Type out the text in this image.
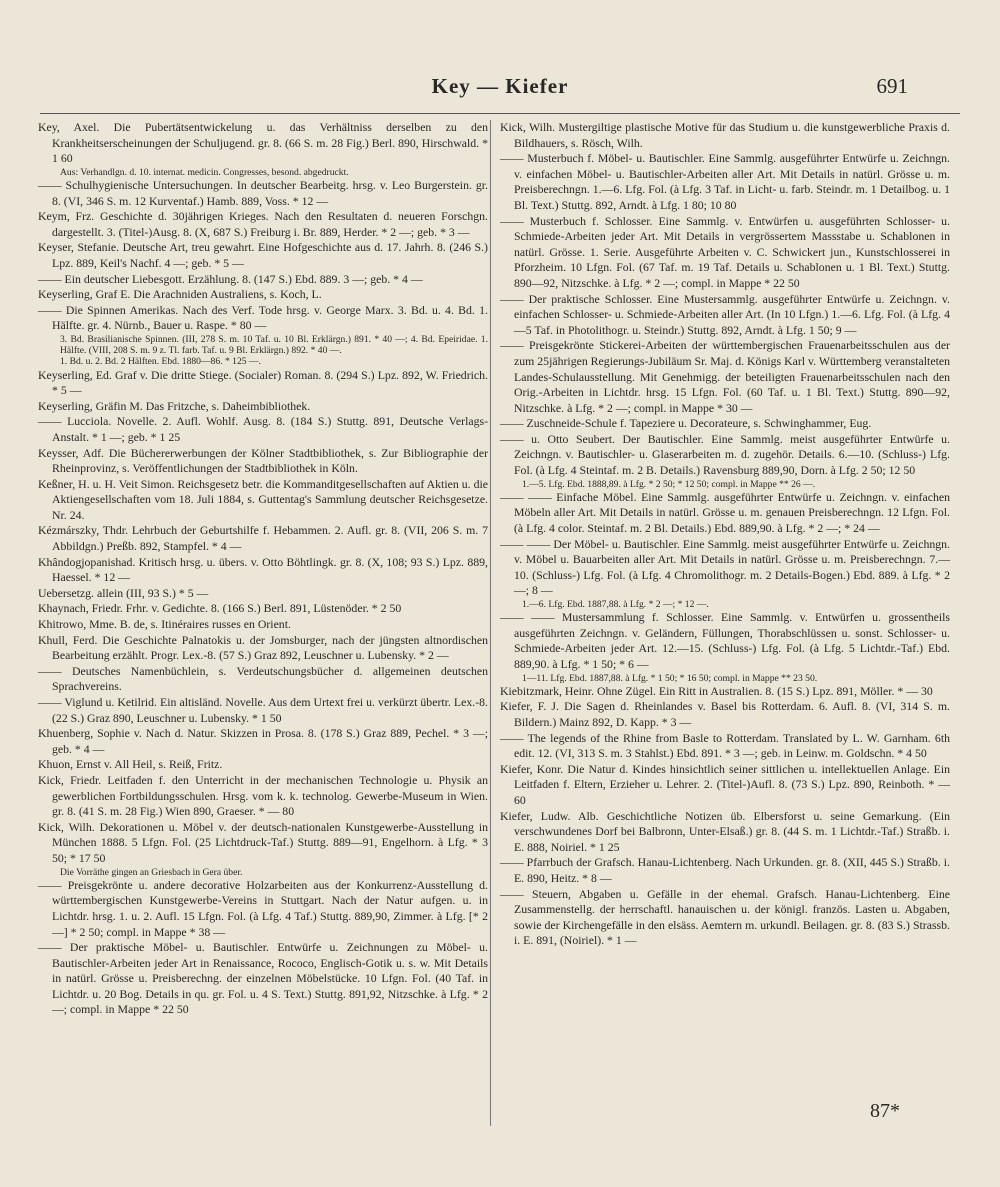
Key — Kiefer	691
Key, Axel. Die Pubertätsentwickelung u. das Verhältniss derselben zu den Krankheitserscheinungen der Schuljugend. gr. 8. (66 S. m. 28 Fig.) Berl. 890, Hirschwald. * 1 60
Aus: Verhandlgn. d. 10. internat. medicin. Congresses, besond. abgedruckt.
—— Schulhygienische Untersuchungen. In deutscher Bearbeitg. hrsg. v. Leo Burgerstein. gr. 8. (VI, 346 S. m. 12 Kurventaf.) Hamb. 889, Voss. * 12 —
Keym, Frz. Geschichte d. 30jährigen Krieges. Nach den Resultaten d. neueren Forschgn. dargestellt. 3. (Titel-)Ausg. 8. (X, 687 S.) Freiburg i. Br. 889, Herder. * 2 —; geb. * 3 —
Keyser, Stefanie. Deutsche Art, treu gewahrt. Eine Hofgeschichte aus d. 17. Jahrh. 8. (246 S.) Lpz. 889, Keil's Nachf. 4 —; geb. * 5 —
—— Ein deutscher Liebesgott. Erzählung. 8. (147 S.) Ebd. 889. 3 —; geb. * 4 —
Keyserling, Graf E. Die Arachniden Australiens, s. Koch, L.
—— Die Spinnen Amerikas. Nach des Verf. Tode hrsg. v. George Marx. 3. Bd. u. 4. Bd. 1. Hälfte. gr. 4. Nürnb., Bauer u. Raspe. * 80 —
3. Bd. Brasilianische Spinnen. (III, 278 S. m. 10 Taf. u. 10 Bl. Erklärgn.) 891. * 40 —; 4. Bd. Epeiridae. 1. Hälfte. (VIII, 208 S. m. 9 z. Tl. farb. Taf. u. 9 Bl. Erklärgn.) 892. * 40 —.
1. Bd. u. 2. Bd. 2 Hälften. Ebd. 1880—86. * 125 —.
Keyserling, Ed. Graf v. Die dritte Stiege. (Socialer) Roman. 8. (294 S.) Lpz. 892, W. Friedrich. * 5 —
Keyserling, Gräfin M. Das Fritzche, s. Daheimbibliothek.
—— Lucciola. Novelle. 2. Aufl. Wohlf. Ausg. 8. (184 S.) Stuttg. 891, Deutsche Verlags-Anstalt. * 1 —; geb. * 1 25
Keysser, Adf. Die Büchererwerbungen der Kölner Stadtbibliothek, s. Zur Bibliographie der Rheinprovinz, s. Veröffentlichungen der Stadtbibliothek in Köln.
Keßner, H. u. H. Veit Simon. Reichsgesetz betr. die Kommanditgesellschaften auf Aktien u. die Aktiengesellschaften vom 18. Juli 1884, s. Guttentag's Sammlung deutscher Reichsgesetze. Nr. 24.
Kézmárszky, Thdr. Lehrbuch der Geburtshilfe f. Hebammen. 2. Aufl. gr. 8. (VII, 206 S. m. 7 Abbildgn.) Preßb. 892, Stampfel. * 4 —
Khândogjopanishad. Kritisch hrsg. u. übers. v. Otto Böhtlingk. gr. 8. (X, 108; 93 S.) Lpz. 889, Haessel. * 12 —
Uebersetzg. allein (III, 93 S.) * 5 —
Khaynach, Friedr. Frhr. v. Gedichte. 8. (166 S.) Berl. 891, Lüstenöder. * 2 50
Khitrowo, Mme. B. de, s. Itinéraires russes en Orient.
Khull, Ferd. Die Geschichte Palnatokis u. der Jomsburger, nach der jüngsten altnordischen Bearbeitung erzählt. Progr. Lex.-8. (57 S.) Graz 892, Leuschner u. Lubensky. * 2 —
—— Deutsches Namenbüchlein, s. Verdeutschungsbücher d. allgemeinen deutschen Sprachvereins.
—— Viglund u. Ketilrid. Ein altisländ. Novelle. Aus dem Urtext frei u. verkürzt übertr. Lex.-8. (22 S.) Graz 890, Leuschner u. Lubensky. * 1 50
Khuenberg, Sophie v. Nach d. Natur. Skizzen in Prosa. 8. (178 S.) Graz 889, Pechel. * 3 —; geb. * 4 —
Khuon, Ernst v. All Heil, s. Reiß, Fritz.
Kick, Friedr. Leitfaden f. den Unterricht in der mechanischen Technologie u. Physik an gewerblichen Fortbildungsschulen. Hrsg. vom k. k. technolog. Gewerbe-Museum in Wien. gr. 8. (41 S. m. 28 Fig.) Wien 890, Graeser. * — 80
Kick, Wilh. Dekorationen u. Möbel v. der deutsch-nationalen Kunstgewerbe-Ausstellung in München 1888. 5 Lfgn. Fol. (25 Lichtdruck-Taf.) Stuttg. 889—91, Engelhorn. à Lfg. * 3 50; * 17 50
Die Vorräthe gingen an Griesbach in Gera über.
—— Preisgekrönte u. andere decorative Holzarbeiten aus der Konkurrenz-Ausstellung d. württembergischen Kunstgewerbe-Vereins in Stuttgart. Nach der Natur aufgen. u. in Lichtdr. hrsg. 1. u. 2. Aufl. 15 Lfgn. Fol. (à Lfg. 4 Taf.) Stuttg. 889,90, Zimmer. à Lfg. [* 2 —] * 2 50; compl. in Mappe * 38 —
—— Der praktische Möbel- u. Bautischler. Entwürfe u. Zeichnungen zu Möbel- u. Bautischler-Arbeiten jeder Art in Renaissance, Rococo, Englisch-Gotik u. s. w. Mit Details in natürl. Grösse u. Preisberechng. der einzelnen Möbelstücke. 10 Lfgn. Fol. (40 Taf. in Lichtdr. u. 20 Bog. Details in qu. gr. Fol. u. 4 S. Text.) Stuttg. 891,92, Nitzschke. à Lfg. * 2 —; compl. in Mappe * 22 50
Kick, Wilh. Mustergiltige plastische Motive für das Studium u. die kunstgewerbliche Praxis d. Bildhauers, s. Rösch, Wilh.
—— Musterbuch f. Möbel- u. Bautischler. Eine Sammlg. ausgeführter Entwürfe u. Zeichngn. v. einfachen Möbel- u. Bautischler-Arbeiten aller Art. Mit Details in natürl. Grösse u. m. Preisberechngn. 1.—6. Lfg. Fol. (à Lfg. 3 Taf. in Licht- u. farb. Steindr. m. 1 Detailbog. u. 1 Bl. Text.) Stuttg. 892, Arndt. à Lfg. 1 80; 10 80
—— Musterbuch f. Schlosser. Eine Sammlg. v. Entwürfen u. ausgeführten Schlosser- u. Schmiede-Arbeiten jeder Art. Mit Details in vergrössertem Massstabe u. Schablonen in natürl. Grösse. 1. Serie. Ausgeführte Arbeiten v. C. Schwickert jun., Kunstschlosserei in Pforzheim. 10 Lfgn. Fol. (67 Taf. m. 19 Taf. Details u. Schablonen u. 1 Bl. Text.) Stuttg. 890—92, Nitzschke. à Lfg. * 2 —; compl. in Mappe * 22 50
—— Der praktische Schlosser. Eine Mustersammlg. ausgeführter Entwürfe u. Zeichngn. v. einfachen Schlosser- u. Schmiede-Arbeiten aller Art. (In 10 Lfgn.) 1.—6. Lfg. Fol. (à Lfg. 4—5 Taf. in Photolithogr. u. Steindr.) Stuttg. 892, Arndt. à Lfg. 1 50; 9 —
—— Preisgekrönte Stickerei-Arbeiten der württembergischen Frauenarbeitsschulen aus der zum 25jährigen Regierungs-Jubiläum Sr. Maj. d. Königs Karl v. Württemberg veranstalteten Landes-Schulausstellung. Mit Genehmigg. der beteiligten Frauenarbeitsschulen nach den Orig.-Arbeiten in Lichtdr. hrsg. 15 Lfgn. Fol. (60 Taf. u. 1 Bl. Text.) Stuttg. 890—92, Nitzschke. à Lfg. * 2 —; compl. in Mappe * 30 —
—— Zuschneide-Schule f. Tapeziere u. Decorateure, s. Schwinghammer, Eug.
—— u. Otto Seubert. Der Bautischler. Eine Sammlg. meist ausgeführter Entwürfe u. Zeichngn. v. Bautischler- u. Glaserarbeiten m. d. zugehör. Details. 6.—10. (Schluss-) Lfg. Fol. (à Lfg. 4 Steintaf. m. 2 B. Details.) Ravensburg 889,90, Dorn. à Lfg. 2 50; 12 50
1.—5. Lfg. Ebd. 1888,89. à Lfg. * 2 50; * 12 50; compl. in Mappe ** 26 —.
—— —— Einfache Möbel. Eine Sammlg. ausgeführter Entwürfe u. Zeichngn. v. einfachen Möbeln aller Art. Mit Details in natürl. Grösse u. m. genauen Preisberechngn. 12 Lfgn. Fol. (à Lfg. 4 color. Steintaf. m. 2 Bl. Details.) Ebd. 889,90. à Lfg. * 2 —; * 24 —
—— —— Der Möbel- u. Bautischler. Eine Sammlg. meist ausgeführter Entwürfe u. Zeichngn. v. Möbel u. Bauarbeiten aller Art. Mit Details in natürl. Grösse u. m. Preisberechngn. 7.—10. (Schluss-) Lfg. Fol. (à Lfg. 4 Chromolithogr. m. 2 Details-Bogen.) Ebd. 889. à Lfg. * 2 —; 8 —
1.—6. Lfg. Ebd. 1887,88. à Lfg. * 2 —; * 12 —.
—— —— Mustersammlung f. Schlosser. Eine Sammlg. v. Entwürfen u. grossentheils ausgeführten Zeichngn. v. Geländern, Füllungen, Thorabschlüssen u. sonst. Schlosser- u. Schmiede-Arbeiten jeder Art. 12.—15. (Schluss-) Lfg. Fol. (à Lfg. 5 Lichtdr.-Taf.) Ebd. 889,90. à Lfg. * 1 50; * 6 —
1—11. Lfg. Ebd. 1887,88. à Lfg. * 1 50; * 16 50; compl. in Mappe ** 23 50.
Kiebitzmark, Heinr. Ohne Zügel. Ein Ritt in Australien. 8. (15 S.) Lpz. 891, Möller. * — 30
Kiefer, F. J. Die Sagen d. Rheinlandes v. Basel bis Rotterdam. 6. Aufl. 8. (VI, 314 S. m. Bildern.) Mainz 892, D. Kapp. * 3 —
—— The legends of the Rhine from Basle to Rotterdam. Translated by L. W. Garnham. 6th edit. 12. (VI, 313 S. m. 3 Stahlst.) Ebd. 891. * 3 —; geb. in Leinw. m. Goldschn. * 4 50
Kiefer, Konr. Die Natur d. Kindes hinsichtlich seiner sittlichen u. intellektuellen Anlage. Ein Leitfaden f. Eltern, Erzieher u. Lehrer. 2. (Titel-)Aufl. 8. (73 S.) Lpz. 890, Reinboth. * — 60
Kiefer, Ludw. Alb. Geschichtliche Notizen üb. Elbersforst u. seine Gemarkung. (Ein verschwundenes Dorf bei Balbronn, Unter-Elsaß.) gr. 8. (44 S. m. 1 Lichtdr.-Taf.) Straßb. i. E. 888, Noiriel. * 1 25
—— Pfarrbuch der Grafsch. Hanau-Lichtenberg. Nach Urkunden. gr. 8. (XII, 445 S.) Straßb. i. E. 890, Heitz. * 8 —
—— Steuern, Abgaben u. Gefälle in der ehemal. Grafsch. Hanau-Lichtenberg. Eine Zusammenstellg. der herrschaftl. hanauischen u. der königl. französ. Lasten u. Abgaben, sowie der Kirchengefälle in den elsäss. Aemtern m. urkundl. Beilagen. gr. 8. (83 S.) Strassb. i. E. 891, (Noiriel). * 1 —
87*
